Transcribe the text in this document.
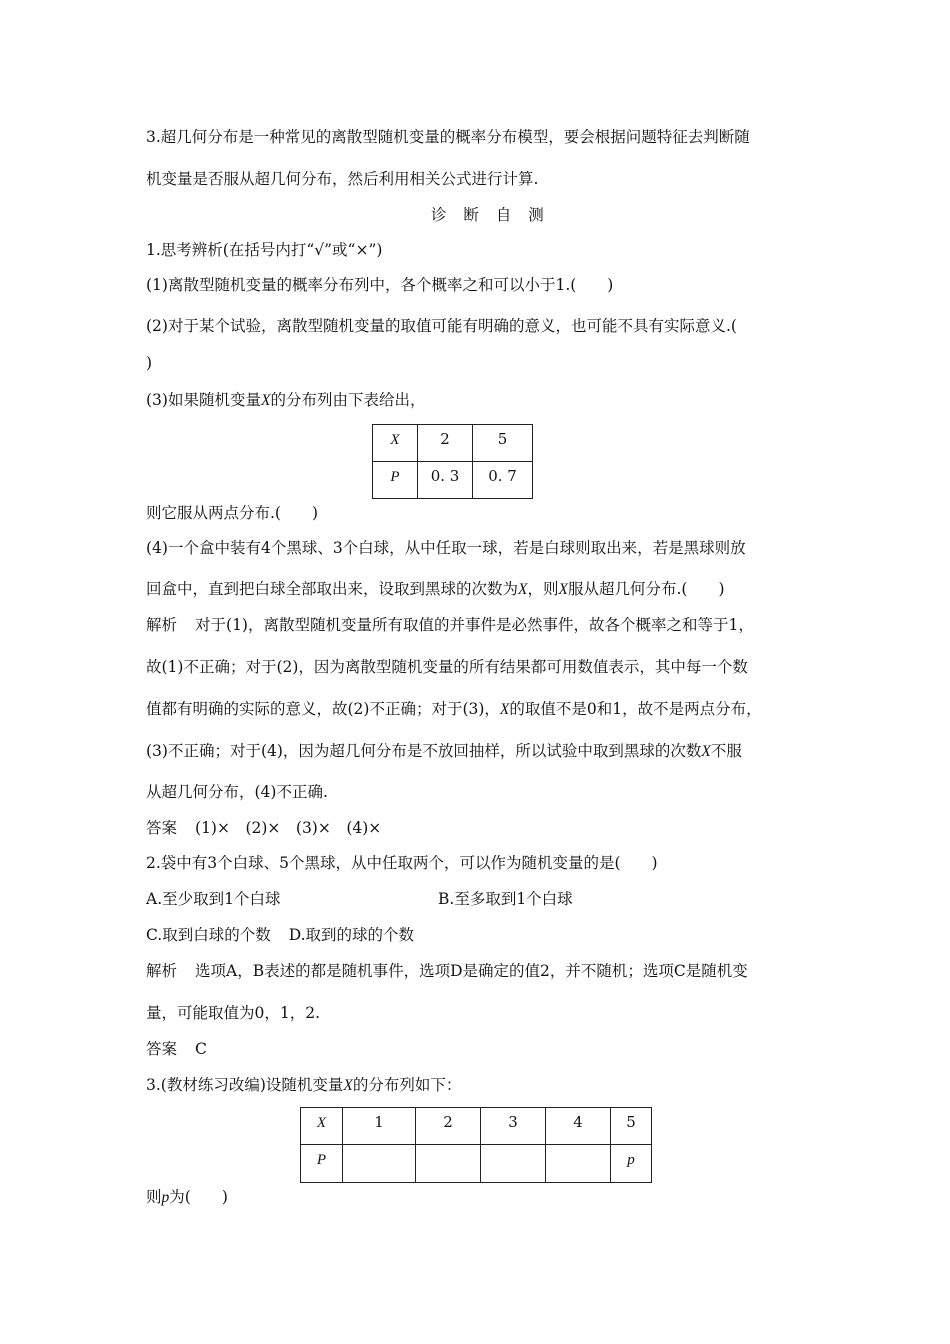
3.超几何分布是一种常见的离散型随机变量的概率分布模型，要会根据问题特征去判断随
机变量是否服从超几何分布，然后利用相关公式进行计算.
诊 断 自 测
1.思考辨析(在括号内打“√”或“×”)
(1)离散型随机变量的概率分布列中，各个概率之和可以小于1.(　　)
(2)对于某个试验，离散型随机变量的取值可能有明确的意义，也可能不具有实际意义.(
)
(3)如果随机变量X的分布列由下表给出，
X	2	5
P	0. 3	0. 7
则它服从两点分布.(　　)
(4)一个盒中装有4个黑球、3个白球，从中任取一球，若是白球则取出来，若是黑球则放
回盒中，直到把白球全部取出来，设取到黑球的次数为X，则X服从超几何分布.(　　)
解析 对于(1)，离散型随机变量所有取值的并事件是必然事件，故各个概率之和等于1，
故(1)不正确；对于(2)，因为离散型随机变量的所有结果都可用数值表示，其中每一个数
值都有明确的实际的意义，故(2)不正确；对于(3)，X的取值不是0和1，故不是两点分布，
(3)不正确；对于(4)，因为超几何分布是不放回抽样，所以试验中取到黑球的次数X不服
从超几何分布，(4)不正确.
答案 (1)×　(2)×　(3)×　(4)×
2.袋中有3个白球、5个黑球，从中任取两个，可以作为随机变量的是(　　)
A.至少取到1个白球	B.至多取到1个白球
C.取到白球的个数 D.取到的球的个数
解析 选项A，B表述的都是随机事件，选项D是确定的值2，并不随机；选项C是随机变
量，可能取值为0，1，2.
答案 C
3.(教材练习改编)设随机变量X的分布列如下：
X	1	2	3	4	5
P					p
则p为(　　)
